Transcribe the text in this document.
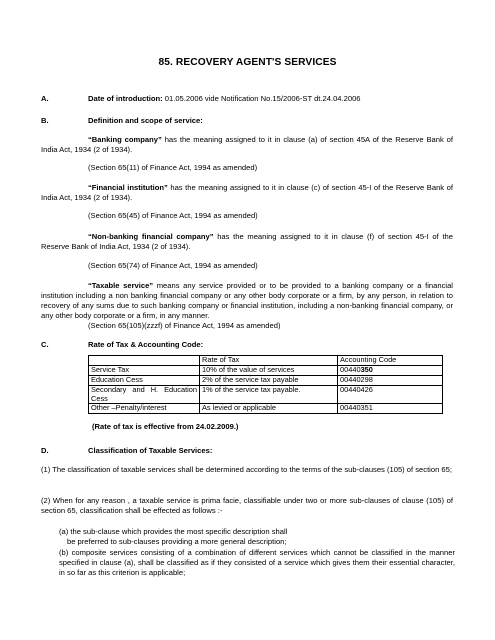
85. RECOVERY AGENT'S SERVICES
A.	Date of introduction: 01.05.2006 vide Notification No.15/2006-ST dt.24.04.2006
B.	Definition and scope of service:
“Banking company” has the meaning assigned to it in clause (a) of section 45A of the Reserve Bank of India Act, 1934 (2 of 1934).
(Section 65(11) of Finance Act, 1994 as amended)
“Financial institution” has the meaning assigned to it in clause (c) of section 45-I of the Reserve Bank of India Act, 1934 (2 of 1934).
(Section 65(45) of Finance Act, 1994 as amended)
“Non-banking financial company” has the meaning assigned to it in clause (f) of section 45-I of the Reserve Bank of India Act, 1934 (2 of 1934).
(Section 65(74) of Finance Act, 1994 as amended)
“Taxable service” means any service provided or to be provided to a banking company or a financial institution including a non banking financial company or any other body corporate or a firm, by any person, in relation to recovery of any sums due to such banking company or financial institution, including a non-banking financial company, or any other body corporate or a firm, in any manner.
(Section 65(105)(zzzf) of Finance Act, 1994 as amended)
C.	Rate of Tax & Accounting Code:
	Rate of Tax	Accounting Code
Service Tax	10% of the value of services	00440350
Education Cess	2% of the service tax payable	00440298
Secondary and H. Education Cess	1% of the service tax payable.	00440426
Other –Penalty/interest	As levied or applicable	00440351
(Rate of tax is effective from 24.02.2009.)
D.	Classification of Taxable Services:
(1) The classification of taxable services shall be determined according to the terms of the sub-clauses (105) of section 65;
(2) When for any reason , a taxable service is prima facie, classifiable under two or more sub-clauses of clause (105) of section 65, classification shall be effected as follows :-
(a) the sub-clause which provides the most specific description shall
be preferred to sub-clauses providing a more general description;
(b) composite services consisting of a combination of different services which cannot be classified in the manner specified in clause (a), shall be classified as if they consisted of a service which gives them their essential character, in so far as this criterion is applicable;
